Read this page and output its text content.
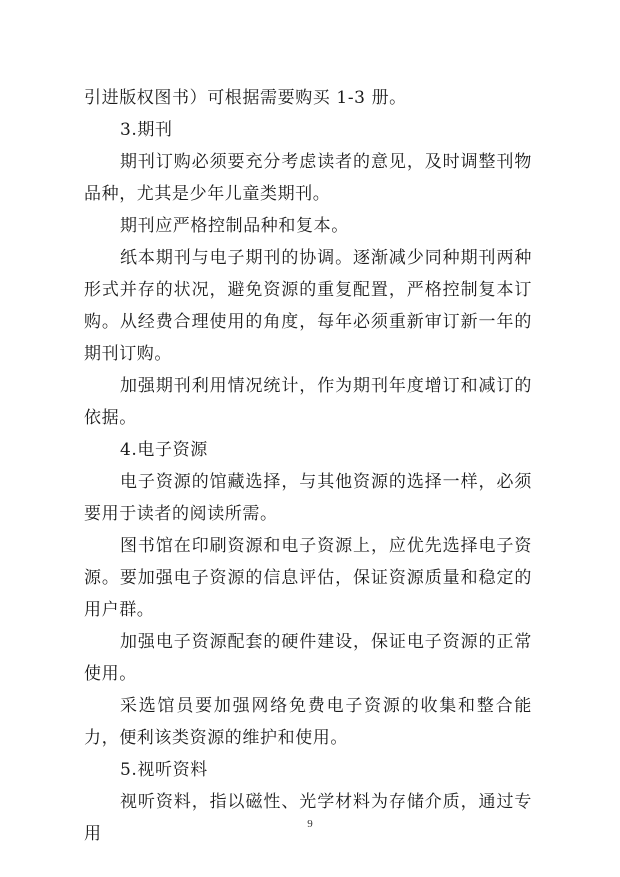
引进版权图书）可根据需要购买 1-3 册。

3.期刊

期刊订购必须要充分考虑读者的意见，及时调整刊物品种，尤其是少年儿童类期刊。

期刊应严格控制品种和复本。

纸本期刊与电子期刊的协调。逐渐减少同种期刊两种形式并存的状况，避免资源的重复配置，严格控制复本订购。从经费合理使用的角度，每年必须重新审订新一年的期刊订购。

加强期刊利用情况统计，作为期刊年度增订和减订的依据。

4.电子资源

电子资源的馆藏选择，与其他资源的选择一样，必须要用于读者的阅读所需。

图书馆在印刷资源和电子资源上，应优先选择电子资源。要加强电子资源的信息评估，保证资源质量和稳定的用户群。

加强电子资源配套的硬件建设，保证电子资源的正常使用。

采选馆员要加强网络免费电子资源的收集和整合能力，便利该类资源的维护和使用。

5.视听资料

视听资料，指以磁性、光学材料为存储介质，通过专用	9
